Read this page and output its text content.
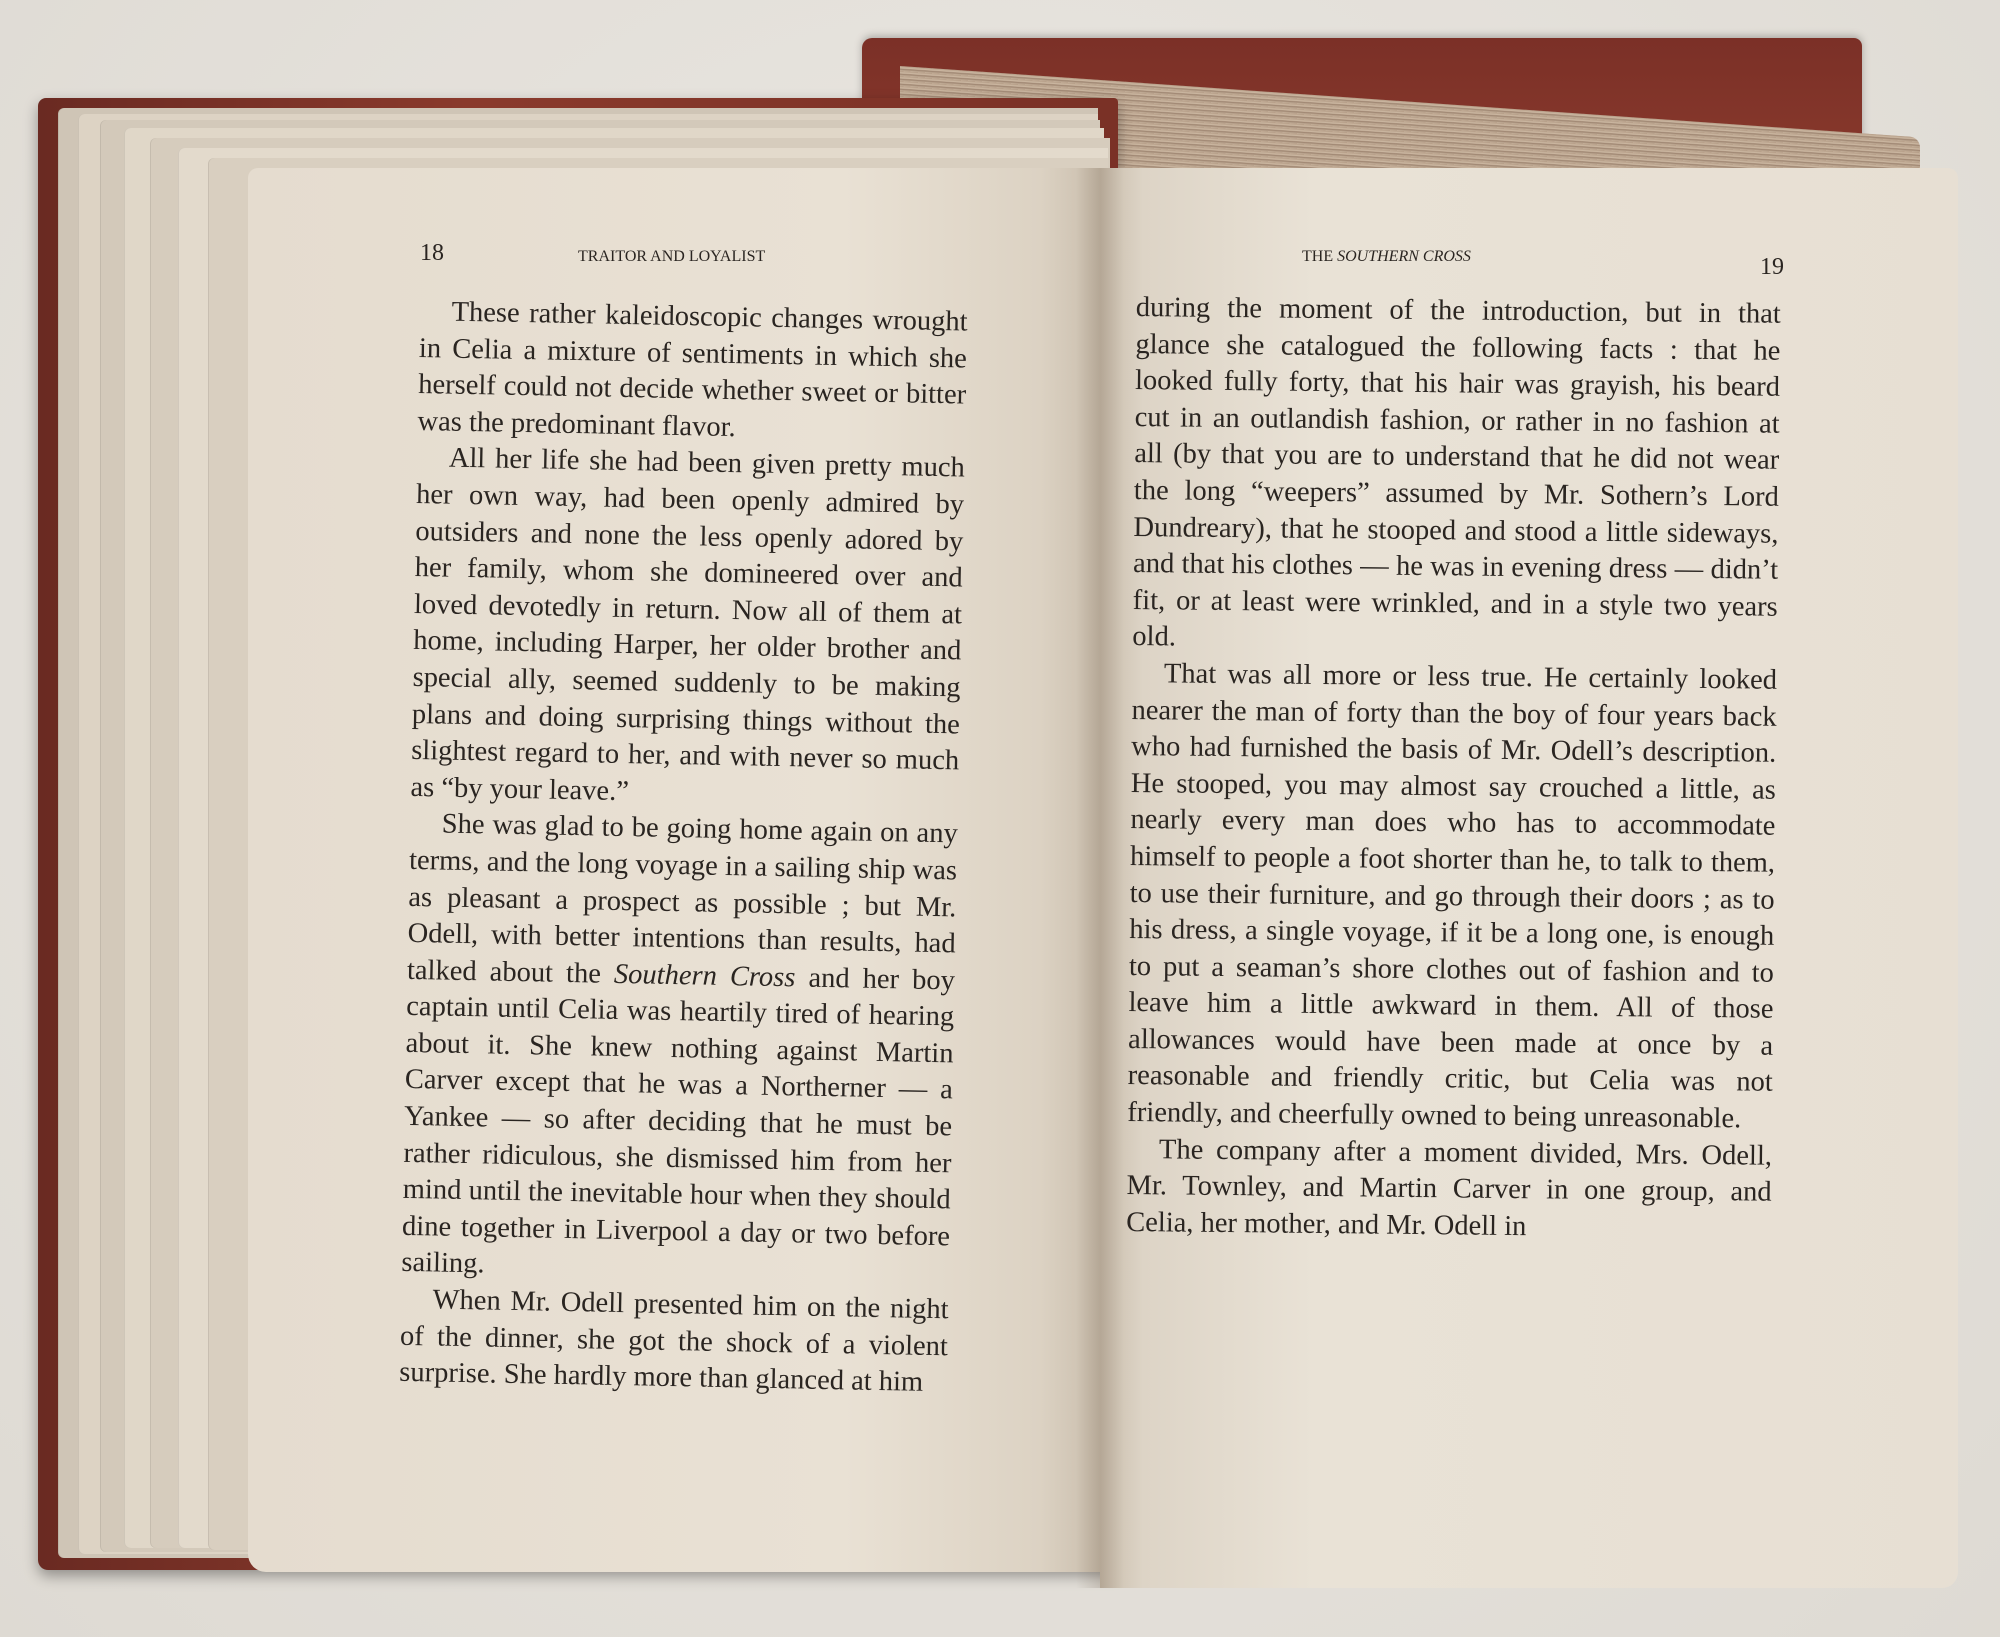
18	TRAITOR AND LOYALIST

These rather kaleidoscopic changes wrought in Celia a mixture of sentiments in which she herself could not decide whether sweet or bitter was the predominant flavor.

All her life she had been given pretty much her own way, had been openly admired by outsiders and none the less openly adored by her family, whom she domineered over and loved devotedly in return. Now all of them at home, including Harper, her older brother and special ally, seemed suddenly to be making plans and doing surprising things without the slightest regard to her, and with never so much as “by your leave.”

She was glad to be going home again on any terms, and the long voyage in a sailing ship was as pleasant a prospect as possible ; but Mr. Odell, with better intentions than results, had talked about the Southern Cross and her boy captain until Celia was heartily tired of hearing about it. She knew nothing against Martin Carver except that he was a Northerner — a Yankee — so after deciding that he must be rather ridiculous, she dismissed him from her mind until the inevitable hour when they should dine together in Liverpool a day or two before sailing.

When Mr. Odell presented him on the night of the dinner, she got the shock of a violent surprise. She hardly more than glanced at him

THE SOUTHERN CROSS	19

during the moment of the introduction, but in that glance she catalogued the following facts : that he looked fully forty, that his hair was grayish, his beard cut in an outlandish fashion, or rather in no fashion at all (by that you are to understand that he did not wear the long “weepers” assumed by Mr. Sothern’s Lord Dundreary), that he stooped and stood a little sideways, and that his clothes — he was in evening dress — didn’t fit, or at least were wrinkled, and in a style two years old.

That was all more or less true. He certainly looked nearer the man of forty than the boy of four years back who had furnished the basis of Mr. Odell’s description. He stooped, you may almost say crouched a little, as nearly every man does who has to accommodate himself to people a foot shorter than he, to talk to them, to use their furniture, and go through their doors ; as to his dress, a single voyage, if it be a long one, is enough to put a seaman’s shore clothes out of fashion and to leave him a little awkward in them. All of those allowances would have been made at once by a reasonable and friendly critic, but Celia was not friendly, and cheerfully owned to being unreasonable.

The company after a moment divided, Mrs. Odell, Mr. Townley, and Martin Carver in one group, and Celia, her mother, and Mr. Odell in
